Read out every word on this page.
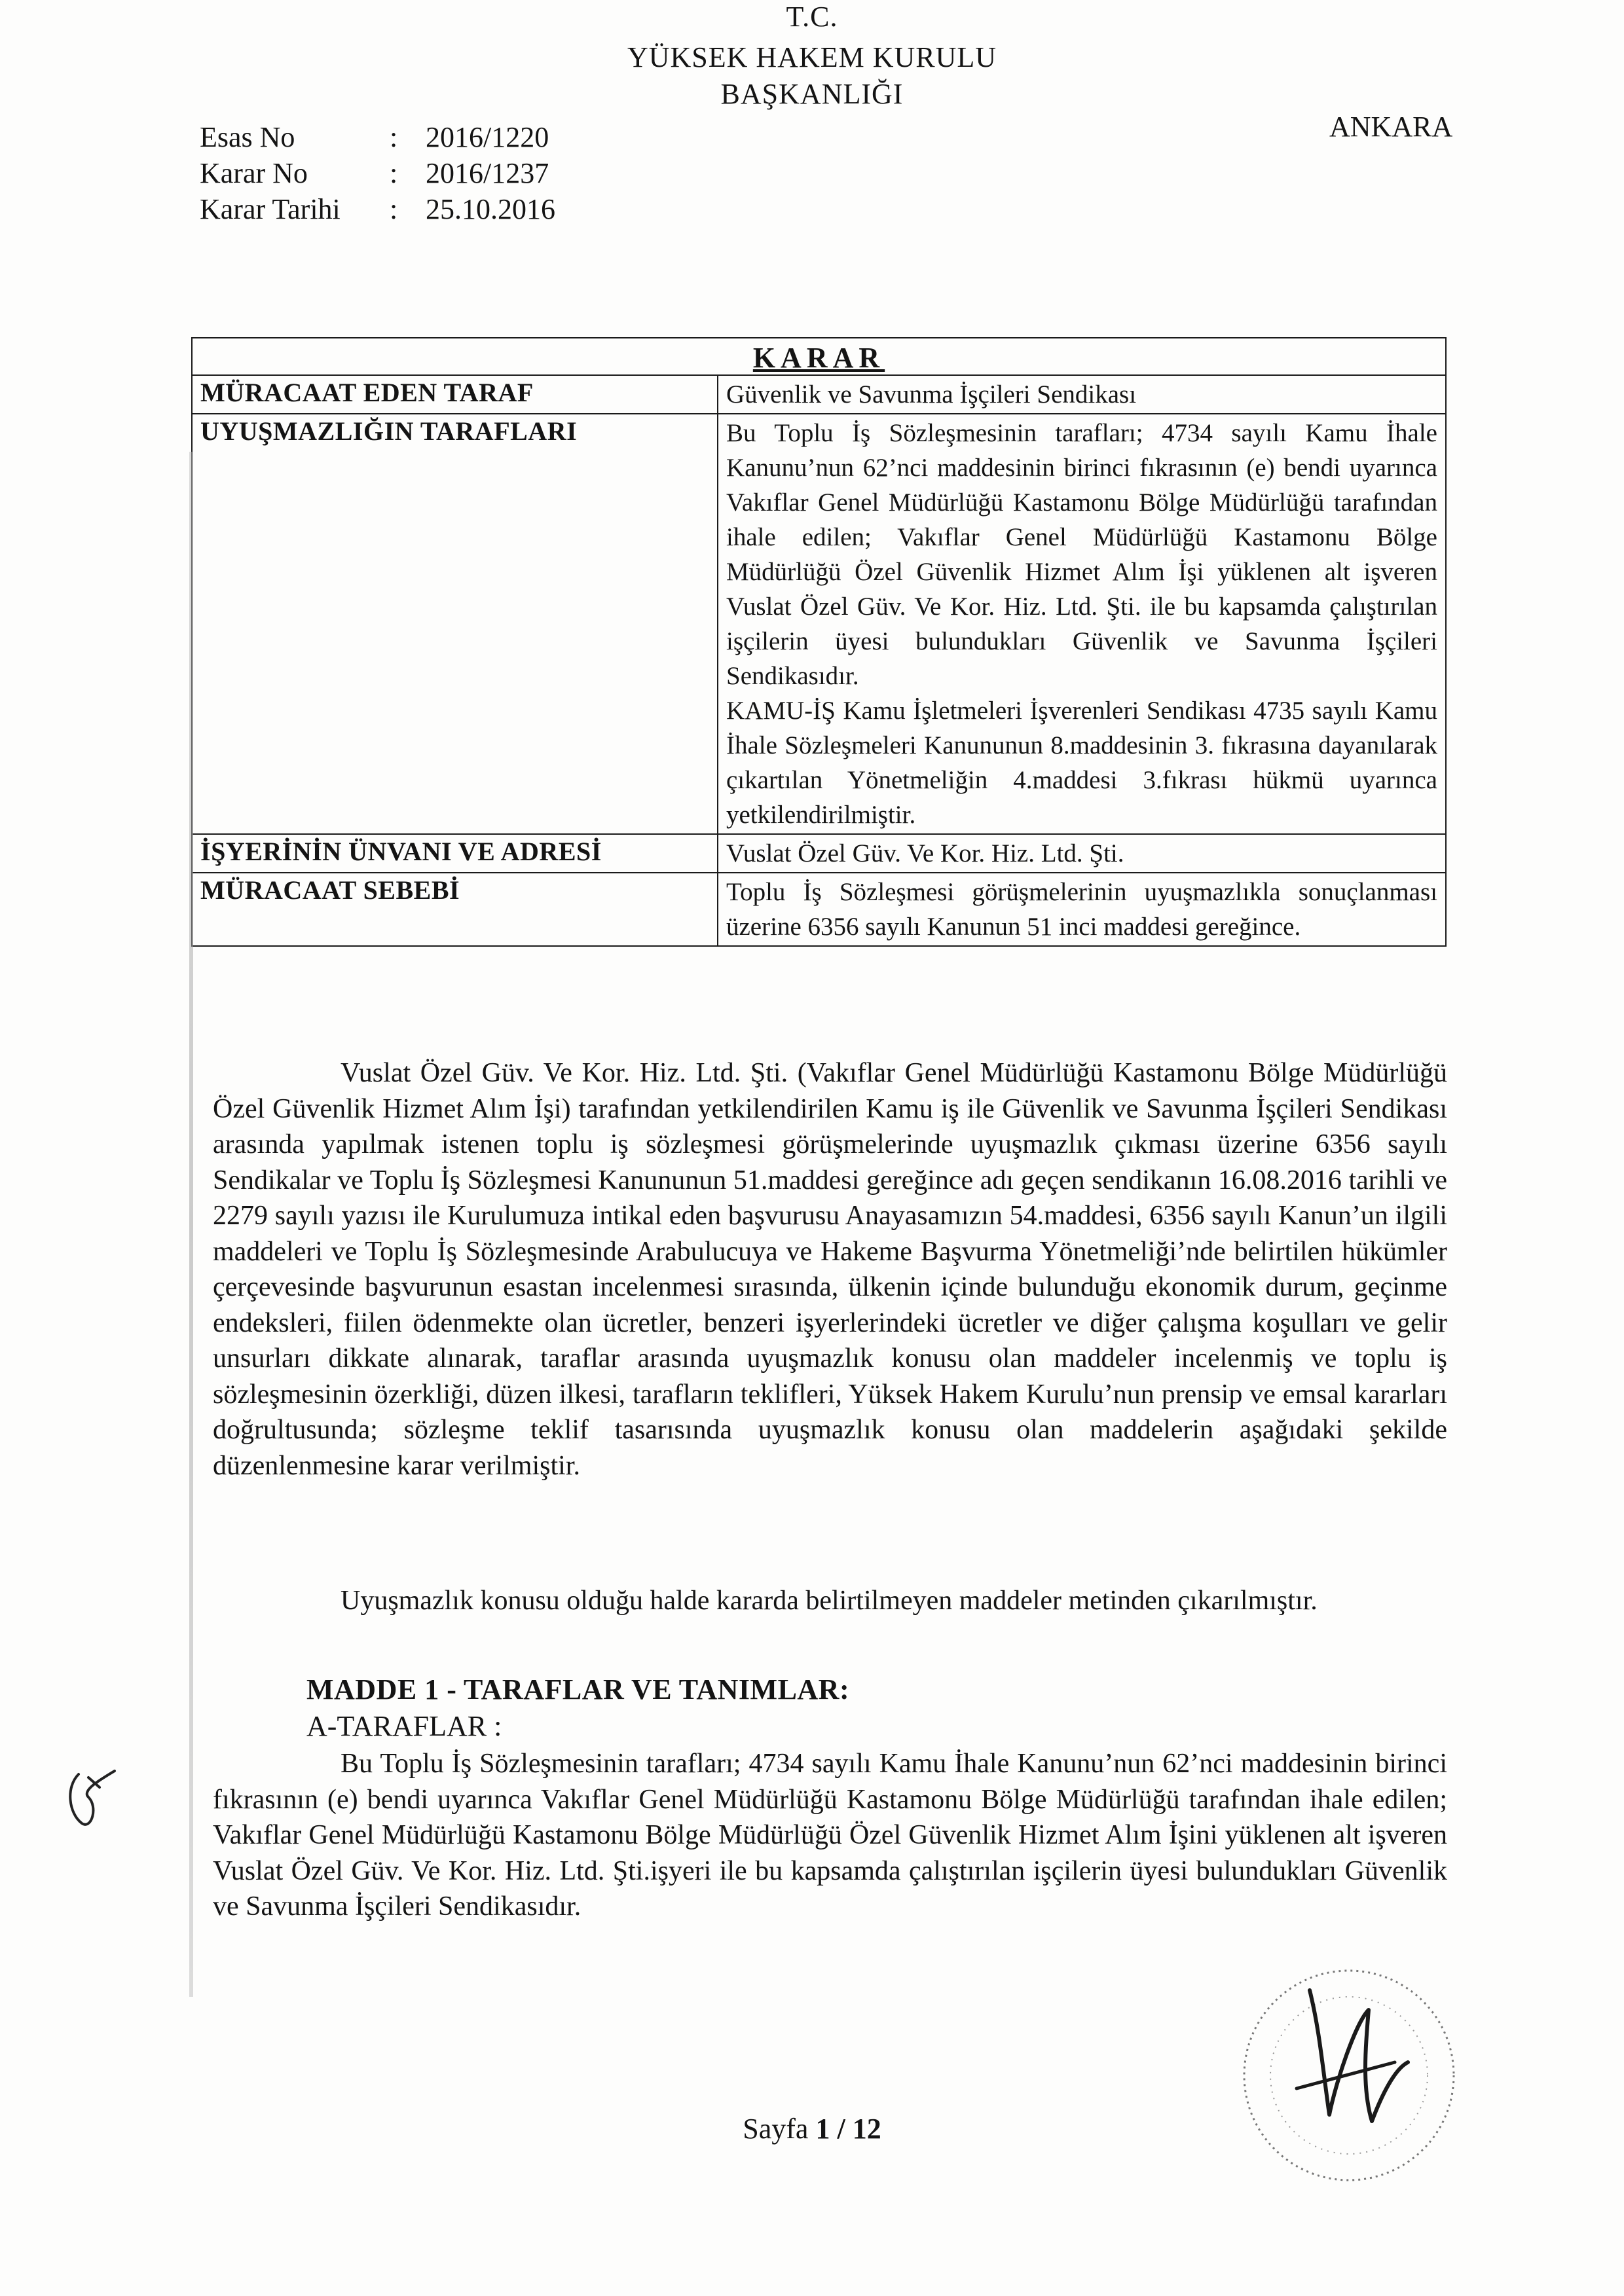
T.C.
YÜKSEK HAKEM KURULU
BAŞKANLIĞI
ANKARA
Esas No	: 2016/1220
Karar No	: 2016/1237
Karar Tarihi	: 25.10.2016
KARAR	
MÜRACAAT EDEN TARAF	Güvenlik ve Savunma İşçileri Sendikası

UYUŞMAZLIĞIN TARAFLARI	Bu Toplu İş Sözleşmesinin tarafları; 4734 sayılı Kamu İhale Kanunu’nun 62’nci maddesinin birinci fıkrasının (e) bendi uyarınca Vakıflar Genel Müdürlüğü Kastamonu Bölge Müdürlüğü tarafından ihale edilen; Vakıflar Genel Müdürlüğü Kastamonu Bölge Müdürlüğü Özel Güvenlik Hizmet Alım İşi yüklenen alt işveren Vuslat Özel Güv. Ve Kor. Hiz. Ltd. Şti. ile bu kapsamda çalıştırılan işçilerin üyesi bulundukları Güvenlik ve Savunma İşçileri Sendikasıdır.
KAMU-İŞ Kamu İşletmeleri İşverenleri Sendikası 4735 sayılı Kamu İhale Sözleşmeleri Kanununun 8.maddesinin 3. fıkrasına dayanılarak çıkartılan Yönetmeliğin 4.maddesi 3.fıkrası hükmü uyarınca yetkilendirilmiştir.

İŞYERİNİN ÜNVANI VE ADRESİ	Vuslat Özel Güv. Ve Kor. Hiz. Ltd. Şti.

MÜRACAAT SEBEBİ	Toplu İş Sözleşmesi görüşmelerinin uyuşmazlıkla sonuçlanması üzerine 6356 sayılı Kanunun 51 inci maddesi gereğince.
Vuslat Özel Güv. Ve Kor. Hiz. Ltd. Şti. (Vakıflar Genel Müdürlüğü Kastamonu Bölge Müdürlüğü Özel Güvenlik Hizmet Alım İşi) tarafından yetkilendirilen Kamu iş ile Güvenlik ve Savunma İşçileri Sendikası arasında yapılmak istenen toplu iş sözleşmesi görüşmelerinde uyuşmazlık çıkması üzerine 6356 sayılı Sendikalar ve Toplu İş Sözleşmesi Kanununun 51.maddesi gereğince adı geçen sendikanın 16.08.2016 tarihli ve 2279 sayılı yazısı ile Kurulumuza intikal eden başvurusu Anayasamızın 54.maddesi, 6356 sayılı Kanun’un ilgili maddeleri ve Toplu İş Sözleşmesinde Arabulucuya ve Hakeme Başvurma Yönetmeliği’nde belirtilen hükümler çerçevesinde başvurunun esastan incelenmesi sırasında, ülkenin içinde bulunduğu ekonomik durum, geçinme endeksleri, fiilen ödenmekte olan ücretler, benzeri işyerlerindeki ücretler ve diğer çalışma koşulları ve gelir unsurları dikkate alınarak, taraflar arasında uyuşmazlık konusu olan maddeler incelenmiş ve toplu iş sözleşmesinin özerkliği, düzen ilkesi, tarafların teklifleri, Yüksek Hakem Kurulu’nun prensip ve emsal kararları doğrultusunda; sözleşme teklif tasarısında uyuşmazlık konusu olan maddelerin aşağıdaki şekilde düzenlenmesine karar verilmiştir.
Uyuşmazlık konusu olduğu halde kararda belirtilmeyen maddeler metinden çıkarılmıştır.
MADDE 1 - TARAFLAR VE TANIMLAR:
A-TARAFLAR :
Bu Toplu İş Sözleşmesinin tarafları; 4734 sayılı Kamu İhale Kanunu’nun 62’nci maddesinin birinci fıkrasının (e) bendi uyarınca Vakıflar Genel Müdürlüğü Kastamonu Bölge Müdürlüğü tarafından ihale edilen; Vakıflar Genel Müdürlüğü Kastamonu Bölge Müdürlüğü Özel Güvenlik Hizmet Alım İşini yüklenen alt işveren Vuslat Özel Güv. Ve Kor. Hiz. Ltd. Şti.işyeri ile bu kapsamda çalıştırılan işçilerin üyesi bulundukları Güvenlik ve Savunma İşçileri Sendikasıdır.
Sayfa 1 / 12
